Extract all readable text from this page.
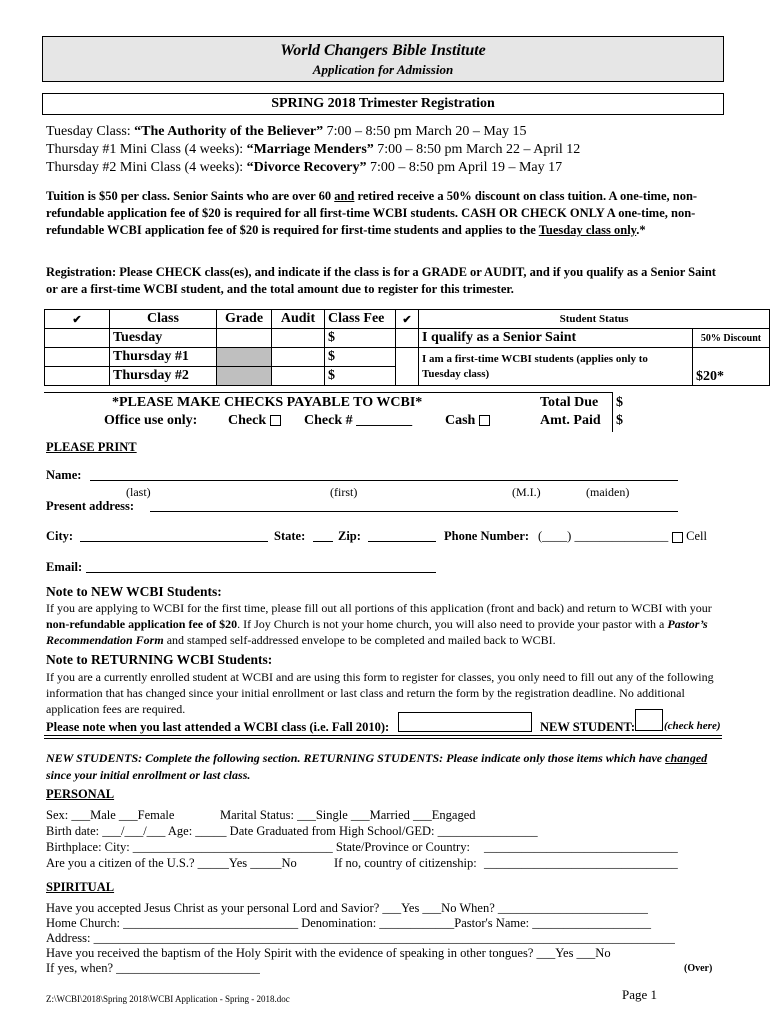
World Changers Bible Institute
Application for Admission
SPRING 2018 Trimester Registration
Tuesday Class: “The Authority of the Believer” 7:00 – 8:50 pm March 20 – May 15
Thursday #1 Mini Class (4 weeks): “Marriage Menders” 7:00 – 8:50 pm March 22 – April 12
Thursday #2 Mini Class (4 weeks): “Divorce Recovery” 7:00 – 8:50 pm April 19 – May 17
Tuition is $50 per class. Senior Saints who are over 60 and retired receive a 50% discount on class tuition. A one-time, non-refundable application fee of $20 is required for all first-time WCBI students. CASH OR CHECK ONLY A one-time, non-refundable WCBI application fee of $20 is required for first-time students and applies to the Tuesday class only.*
Registration: Please CHECK class(es), and indicate if the class is for a GRADE or AUDIT, and if you qualify as a Senior Saint or are a first-time WCBI student, and the total amount due to register for this trimester.
✔	Class	Grade	Audit	Class Fee	✔	Student Status	
	Tuesday			$		I qualify as a Senior Saint	50% Discount
	Thursday #1			$		I am a first-time WCBI students (applies only to Tuesday class)	$20*
	Thursday #2			$			
*PLEASE MAKE CHECKS PAYABLE TO WCBI*	Total Due $
Office use only: Check	Check # ________ Cash	Amt. Paid $
PLEASE PRINT
Name:
(last)	(first)	(M.I.)	(maiden)
Present address:
City:	State:	Zip:	Phone Number: (____) _______________	Cell
Email:
Note to NEW WCBI Students:
If you are applying to WCBI for the first time, please fill out all portions of this application (front and back) and return to WCBI with your non-refundable application fee of $20. If Joy Church is not your home church, you will also need to provide your pastor with a Pastor’s Recommendation Form and stamped self-addressed envelope to be completed and mailed back to WCBI.
Note to RETURNING WCBI Students:
If you are a currently enrolled student at WCBI and are using this form to register for classes, you only need to fill out any of the following information that has changed since your initial enrollment or last class and return the form by the registration deadline. No additional application fees are required.
Please note when you last attended a WCBI class (i.e. Fall 2010):	NEW STUDENT:	(check here)
NEW STUDENTS: Complete the following section. RETURNING STUDENTS: Please indicate only those items which have changed since your initial enrollment or last class.
PERSONAL
Sex: ___Male ___Female	Marital Status: ___Single ___Married ___Engaged
Birth date: ___/___/___ Age: _____ Date Graduated from High School/GED: ________________
Birthplace: City: ________________________________ State/Province or Country: _______________________________
Are you a citizen of the U.S.? _____Yes _____No	If no, country of citizenship: _______________________________
SPIRITUAL
Have you accepted Jesus Christ as your personal Lord and Savior? ___Yes ___No When? ________________________
Home Church: ____________________________ Denomination: ____________Pastor's Name: ___________________
Address: _____________________________________________________________________________________________
Have you received the baptism of the Holy Spirit with the evidence of speaking in other tongues? ___Yes ___No
If yes, when? _______________________	(Over)
Z:\WCBI\2018\Spring 2018\WCBI Application - Spring - 2018.doc	Page 1
